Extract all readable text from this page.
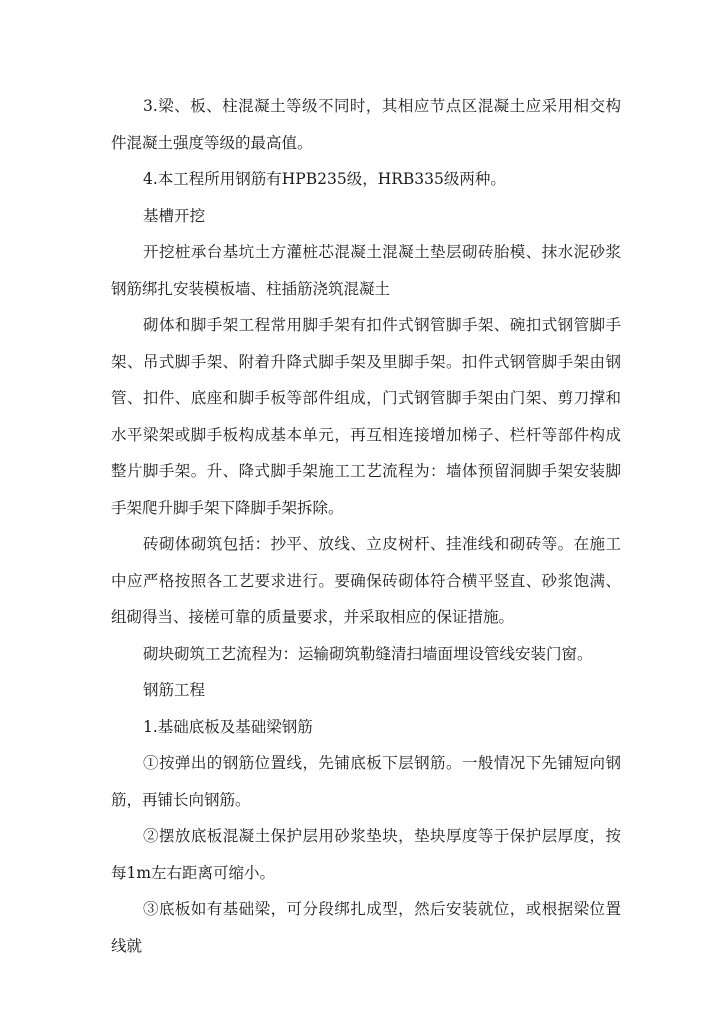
3.梁、板、柱混凝土等级不同时，其相应节点区混凝土应采用相交构件混凝土强度等级的最高值。

4.本工程所用钢筋有HPB235级，HRB335级两种。

基槽开挖

开挖桩承台基坑土方灌桩芯混凝土混凝土垫层砌砖胎模、抹水泥砂浆钢筋绑扎安装模板墙、柱插筋浇筑混凝土

砌体和脚手架工程常用脚手架有扣件式钢管脚手架、碗扣式钢管脚手架、吊式脚手架、附着升降式脚手架及里脚手架。扣件式钢管脚手架由钢管、扣件、底座和脚手板等部件组成，门式钢管脚手架由门架、剪刀撑和水平梁架或脚手板构成基本单元，再互相连接增加梯子、栏杆等部件构成整片脚手架。升、降式脚手架施工工艺流程为：墙体预留洞脚手架安装脚手架爬升脚手架下降脚手架拆除。

砖砌体砌筑包括：抄平、放线、立皮树杆、挂准线和砌砖等。在施工中应严格按照各工艺要求进行。要确保砖砌体符合横平竖直、砂浆饱满、组砌得当、接槎可靠的质量要求，并采取相应的保证措施。

砌块砌筑工艺流程为：运输砌筑勒缝清扫墙面埋设管线安装门窗。

钢筋工程

1.基础底板及基础梁钢筋

①按弹出的钢筋位置线，先铺底板下层钢筋。一般情况下先铺短向钢筋，再铺长向钢筋。

②摆放底板混凝土保护层用砂浆垫块，垫块厚度等于保护层厚度，按每1m左右距离可缩小。

③底板如有基础梁，可分段绑扎成型，然后安装就位，或根据梁位置线就
